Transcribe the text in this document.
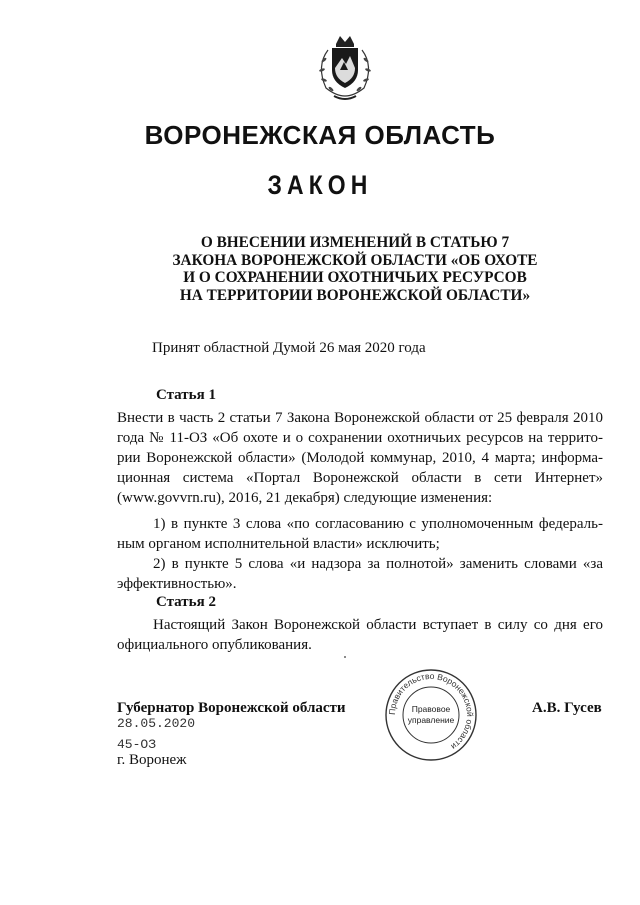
ВОРОНЕЖСКАЯ ОБЛАСТЬ
ЗАКОН
О ВНЕСЕНИИ ИЗМЕНЕНИЙ В СТАТЬЮ 7
ЗАКОНА ВОРОНЕЖСКОЙ ОБЛАСТИ «ОБ ОХОТЕ
И О СОХРАНЕНИИ ОХОТНИЧЬИХ РЕСУРСОВ
НА ТЕРРИТОРИИ ВОРОНЕЖСКОЙ ОБЛАСТИ»
Принят областной Думой 26 мая 2020 года
Статья 1
Внести в часть 2 статьи 7 Закона Воронежской области от 25 февраля 2010
года № 11-ОЗ «Об охоте и о сохранении охотничьих ресурсов на террито-
рии Воронежской области» (Молодой коммунар, 2010, 4 марта; информа-
ционная система «Портал Воронежской области в сети Интернет»
(www.govvrn.ru), 2016, 21 декабря) следующие изменения:
1) в пункте 3 слова «по согласованию с уполномоченным федераль-
ным органом исполнительной власти» исключить;
2) в пункте 5 слова «и надзора за полнотой» заменить словами «за
эффективностью».
Статья 2
Настоящий Закон Воронежской области вступает в силу со дня его
официального опубликования.
Губернатор Воронежской области
28.05.2020
45-ОЗ
г. Воронеж
Правительство Воронежской области
Правовое
управление
А.В. Гусев
